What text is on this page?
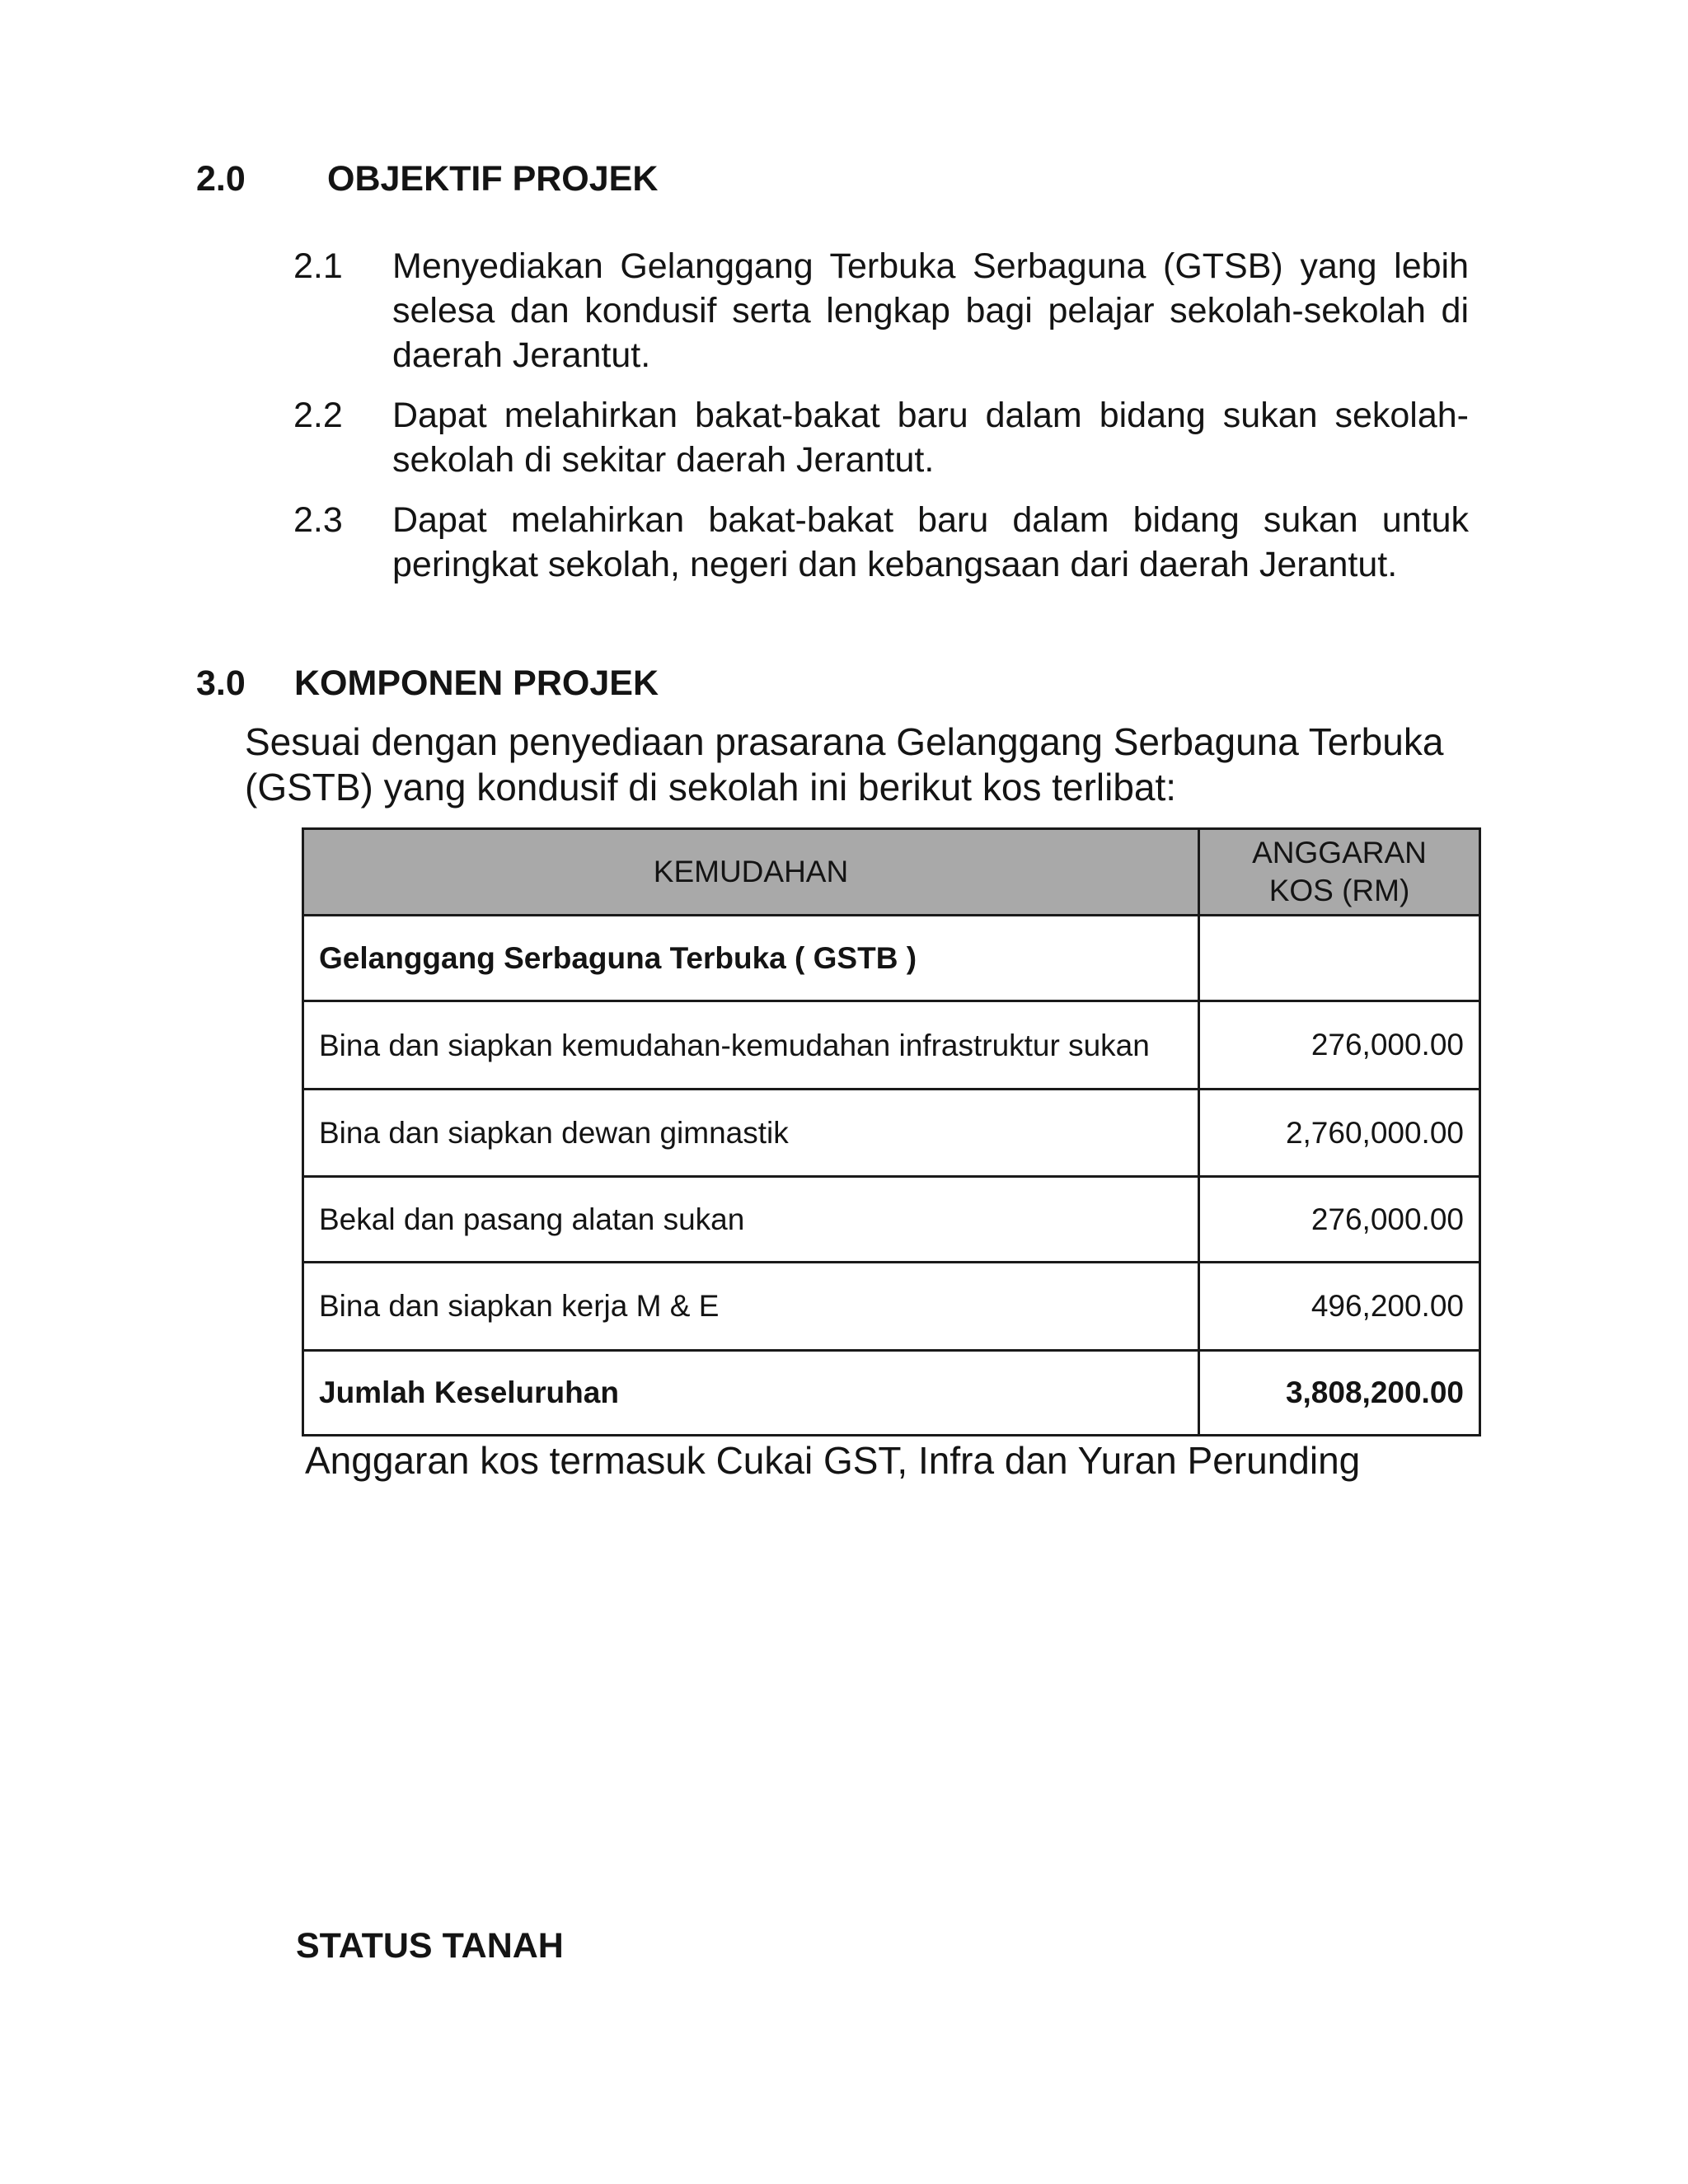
2.0 OBJEKTIF PROJEK
2.1 Menyediakan Gelanggang Terbuka Serbaguna (GTSB) yang lebih selesa dan kondusif serta lengkap bagi pelajar sekolah-sekolah di daerah Jerantut.
2.2 Dapat melahirkan bakat-bakat baru dalam bidang sukan sekolah-sekolah di sekitar daerah Jerantut.
2.3 Dapat melahirkan bakat-bakat baru dalam bidang sukan untuk peringkat sekolah, negeri dan kebangsaan dari daerah Jerantut.
3.0 KOMPONEN PROJEK
Sesuai dengan penyediaan prasarana Gelanggang Serbaguna Terbuka (GSTB) yang kondusif di sekolah ini berikut kos terlibat:
KEMUDAHAN	ANGGARAN
KOS (RM)

Gelanggang Serbaguna Terbuka ( GSTB )	
Bina dan siapkan kemudahan-kemudahan infrastruktur sukan	276,000.00
Bina dan siapkan dewan gimnastik	2,760,000.00
Bekal dan pasang alatan sukan	276,000.00
Bina dan siapkan kerja M & E	496,200.00
Jumlah Keseluruhan	3,808,200.00
Anggaran kos termasuk Cukai GST, Infra dan Yuran Perunding
STATUS TANAH
